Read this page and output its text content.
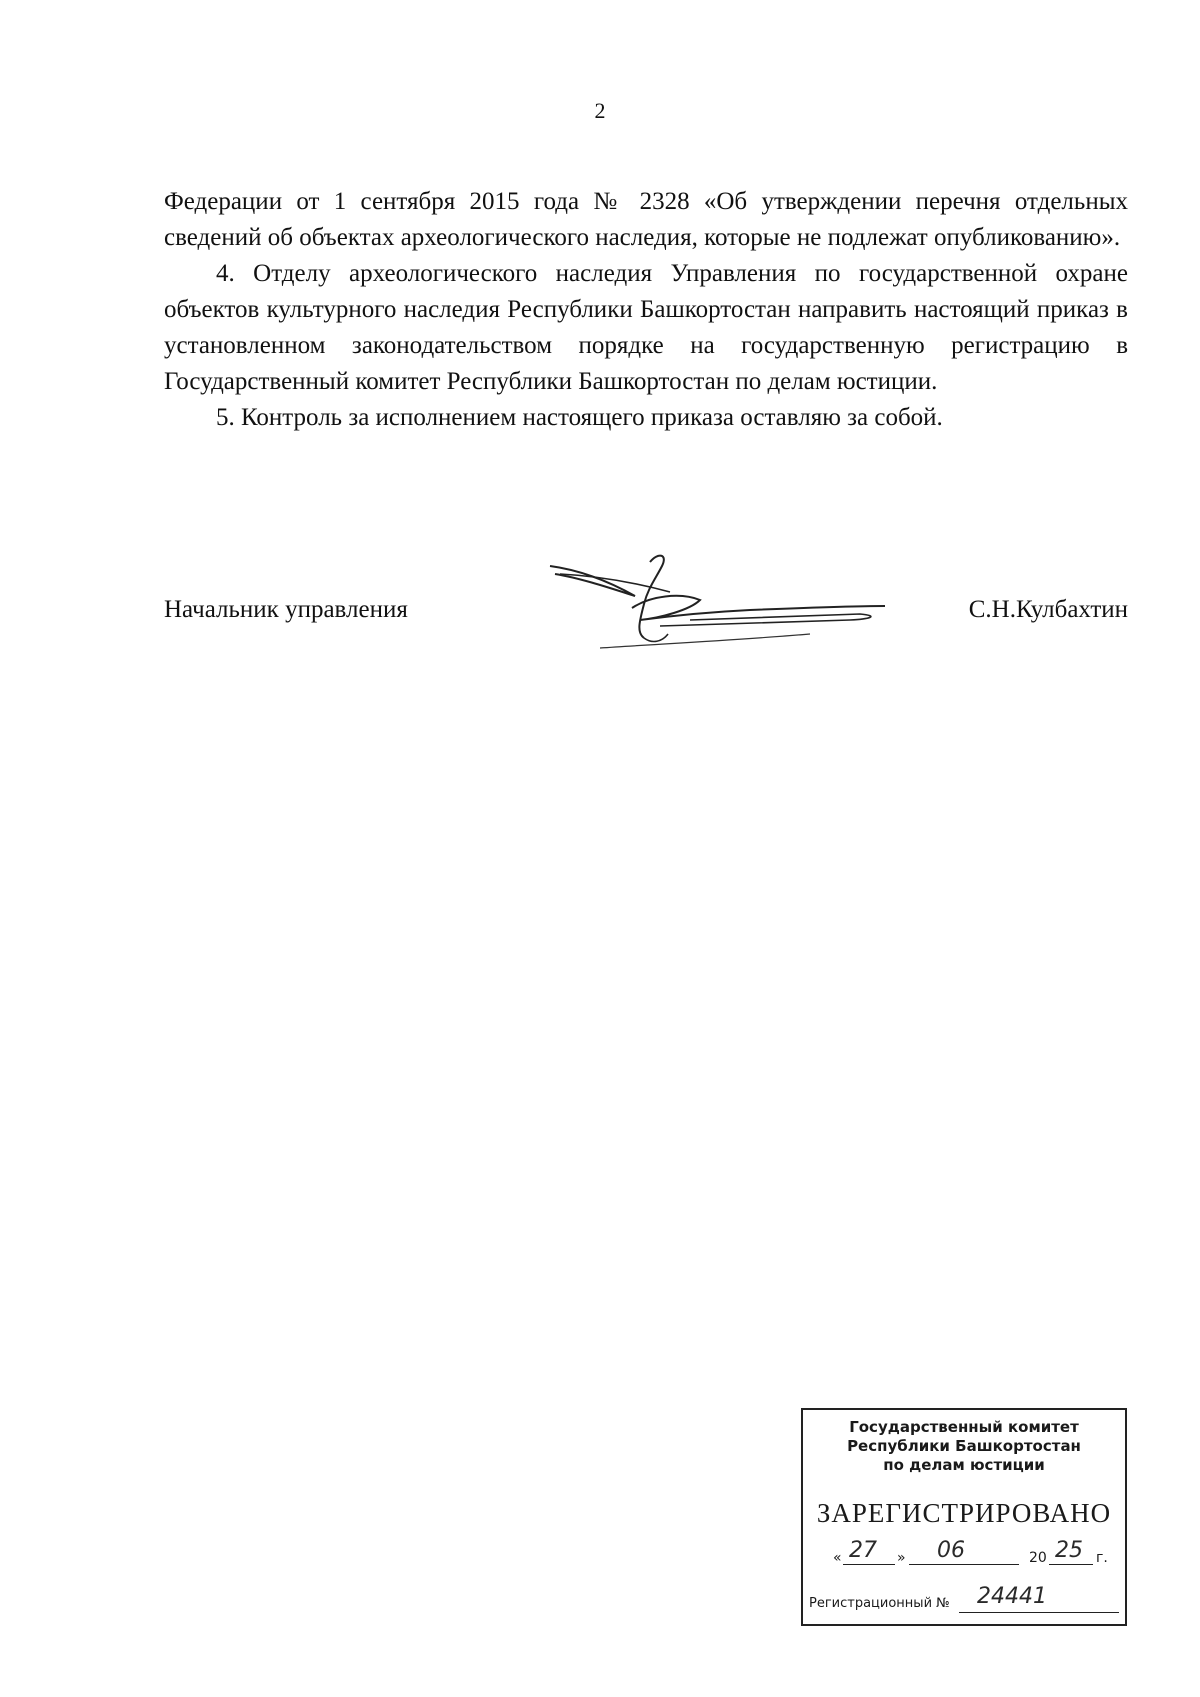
2

Федерации от 1 сентября 2015 года № 2328 «Об утверждении перечня отдельных сведений об объектах археологического наследия, которые не подлежат опубликованию».

4. Отделу археологического наследия Управления по государственной охране объектов культурного наследия Республики Башкортостан направить настоящий приказ в установленном законодательством порядке на государственную регистрацию в Государственный комитет Республики Башкортостан по делам юстиции.

5. Контроль за исполнением настоящего приказа оставляю за собой.

Начальник управления	С.Н.Кулбахтин
Государственный комитет
Республики Башкортостан
по делам юстиции
ЗАРЕГИСТРИРОВАНО
« 27 » 06	20 25 г.
Регистрационный № 24441
